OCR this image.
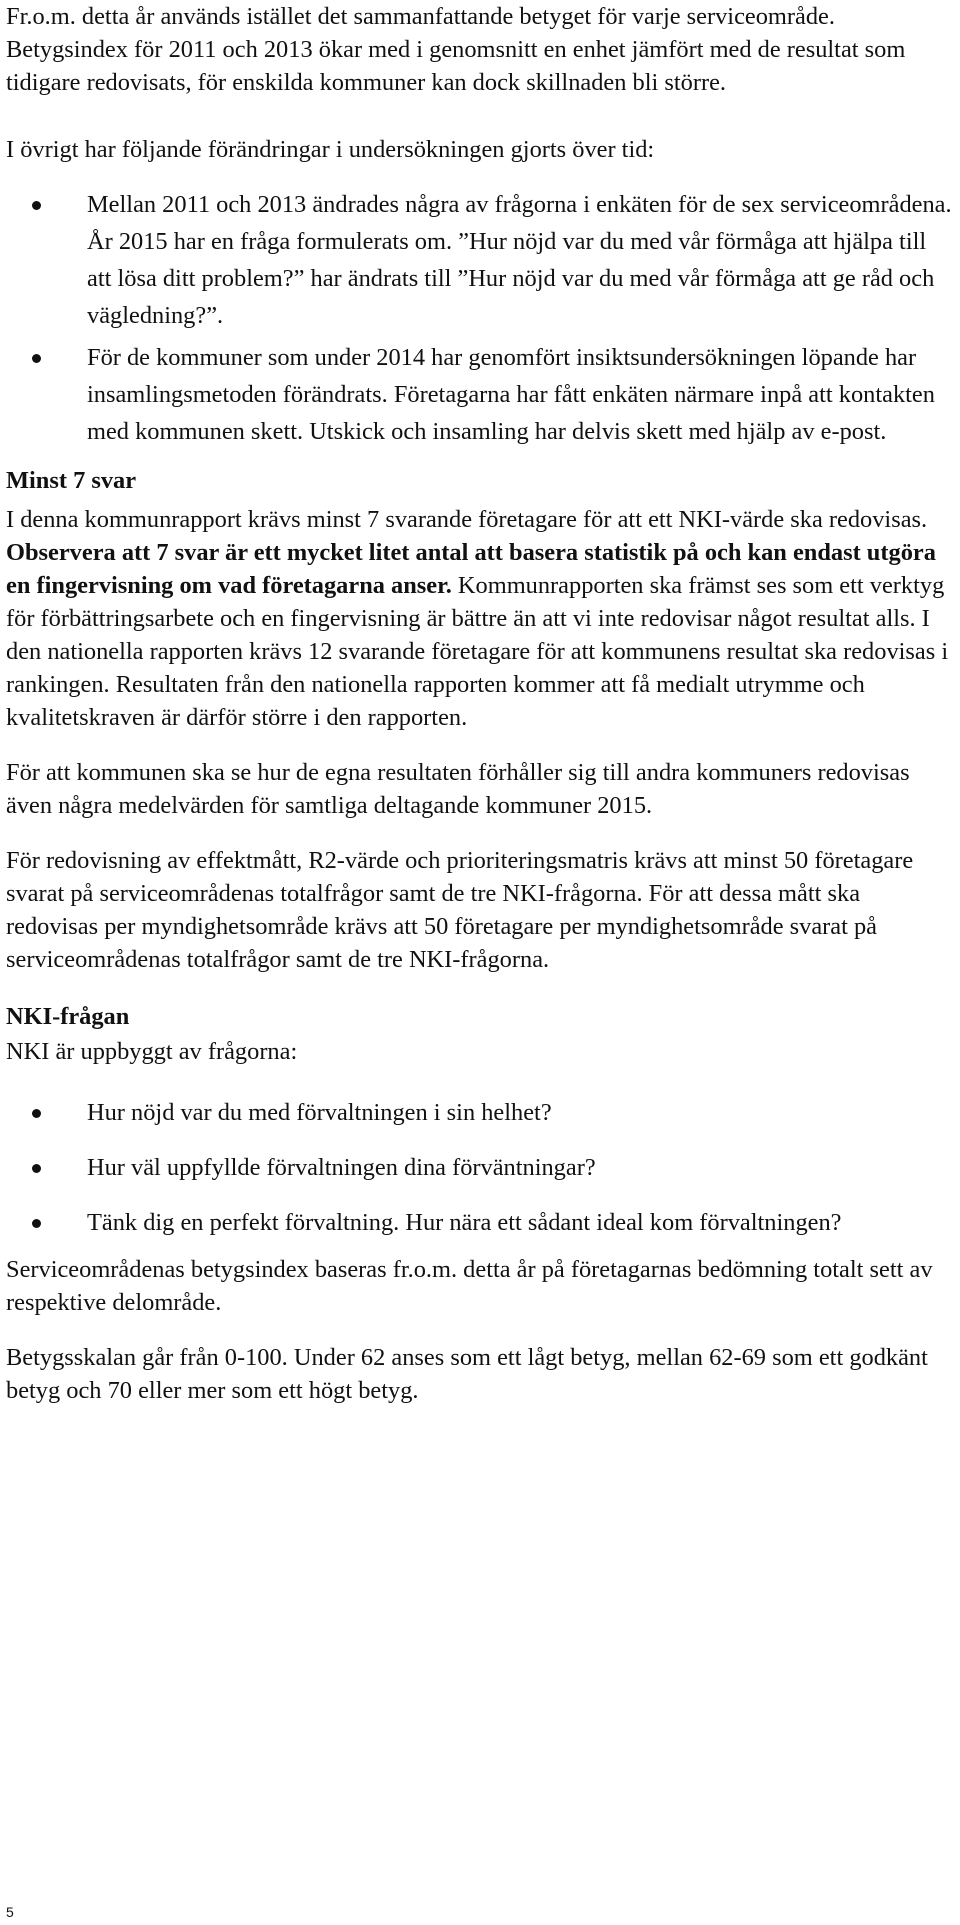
Fr.o.m. detta år används istället det sammanfattande betyget för varje serviceområde. Betygsindex för 2011 och 2013 ökar med i genomsnitt en enhet jämfört med de resultat som tidigare redovisats, för enskilda kommuner kan dock skillnaden bli större.

I övrigt har följande förändringar i undersökningen gjorts över tid:

Mellan 2011 och 2013 ändrades några av frågorna i enkäten för de sex serviceområdena. År 2015 har en fråga formulerats om. ”Hur nöjd var du med vår förmåga att hjälpa till att lösa ditt problem?” har ändrats till ”Hur nöjd var du med vår förmåga att ge råd och vägledning?”.
För de kommuner som under 2014 har genomfört insiktsundersökningen löpande har insamlingsmetoden förändrats. Företagarna har fått enkäten närmare inpå att kontakten med kommunen skett. Utskick och insamling har delvis skett med hjälp av e-post.

Minst 7 svar

I denna kommunrapport krävs minst 7 svarande företagare för att ett NKI-värde ska redovisas. Observera att 7 svar är ett mycket litet antal att basera statistik på och kan endast utgöra en fingervisning om vad företagarna anser. Kommunrapporten ska främst ses som ett verktyg för förbättringsarbete och en fingervisning är bättre än att vi inte redovisar något resultat alls. I den nationella rapporten krävs 12 svarande företagare för att kommunens resultat ska redovisas i rankingen. Resultaten från den nationella rapporten kommer att få medialt utrymme och kvalitetskraven är därför större i den rapporten.

För att kommunen ska se hur de egna resultaten förhåller sig till andra kommuners redovisas även några medelvärden för samtliga deltagande kommuner 2015.

För redovisning av effektmått, R2-värde och prioriteringsmatris krävs att minst 50 företagare svarat på serviceområdenas totalfrågor samt de tre NKI-frågorna. För att dessa mått ska redovisas per myndighetsområde krävs att 50 företagare per myndighetsområde svarat på serviceområdenas totalfrågor samt de tre NKI-frågorna.

NKI-frågan

NKI är uppbyggt av frågorna:

Hur nöjd var du med förvaltningen i sin helhet?
Hur väl uppfyllde förvaltningen dina förväntningar?
Tänk dig en perfekt förvaltning. Hur nära ett sådant ideal kom förvaltningen?

Serviceområdenas betygsindex baseras fr.o.m. detta år på företagarnas bedömning totalt sett av respektive delområde.

Betygsskalan går från 0-100. Under 62 anses som ett lågt betyg, mellan 62-69 som ett godkänt betyg och 70 eller mer som ett högt betyg.

5
